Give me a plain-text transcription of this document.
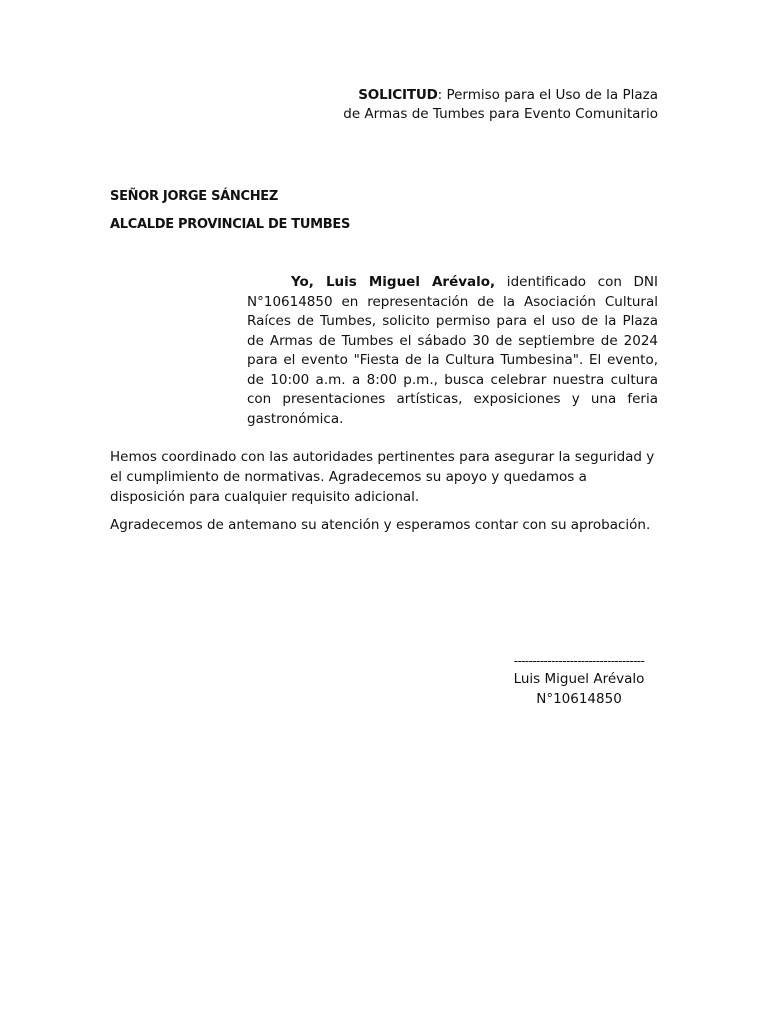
SOLICITUD: Permiso para el Uso de la Plaza
de Armas de Tumbes para Evento Comunitario
SEÑOR JORGE SÁNCHEZ
ALCALDE PROVINCIAL DE TUMBES
Yo, Luis Miguel Arévalo, identificado con DNI N°10614850 en representación de la Asociación Cultural Raíces de Tumbes, solicito permiso para el uso de la Plaza de Armas de Tumbes el sábado 30 de septiembre de 2024 para el evento "Fiesta de la Cultura Tumbesina". El evento, de 10:00 a.m. a 8:00 p.m., busca celebrar nuestra cultura con presentaciones artísticas, exposiciones y una feria gastronómica.
Hemos coordinado con las autoridades pertinentes para asegurar la seguridad y el cumplimiento de normativas. Agradecemos su apoyo y quedamos a disposición para cualquier requisito adicional.
Agradecemos de antemano su atención y esperamos contar con su aprobación.
-----------------------------------
Luis Miguel Arévalo
N°10614850
